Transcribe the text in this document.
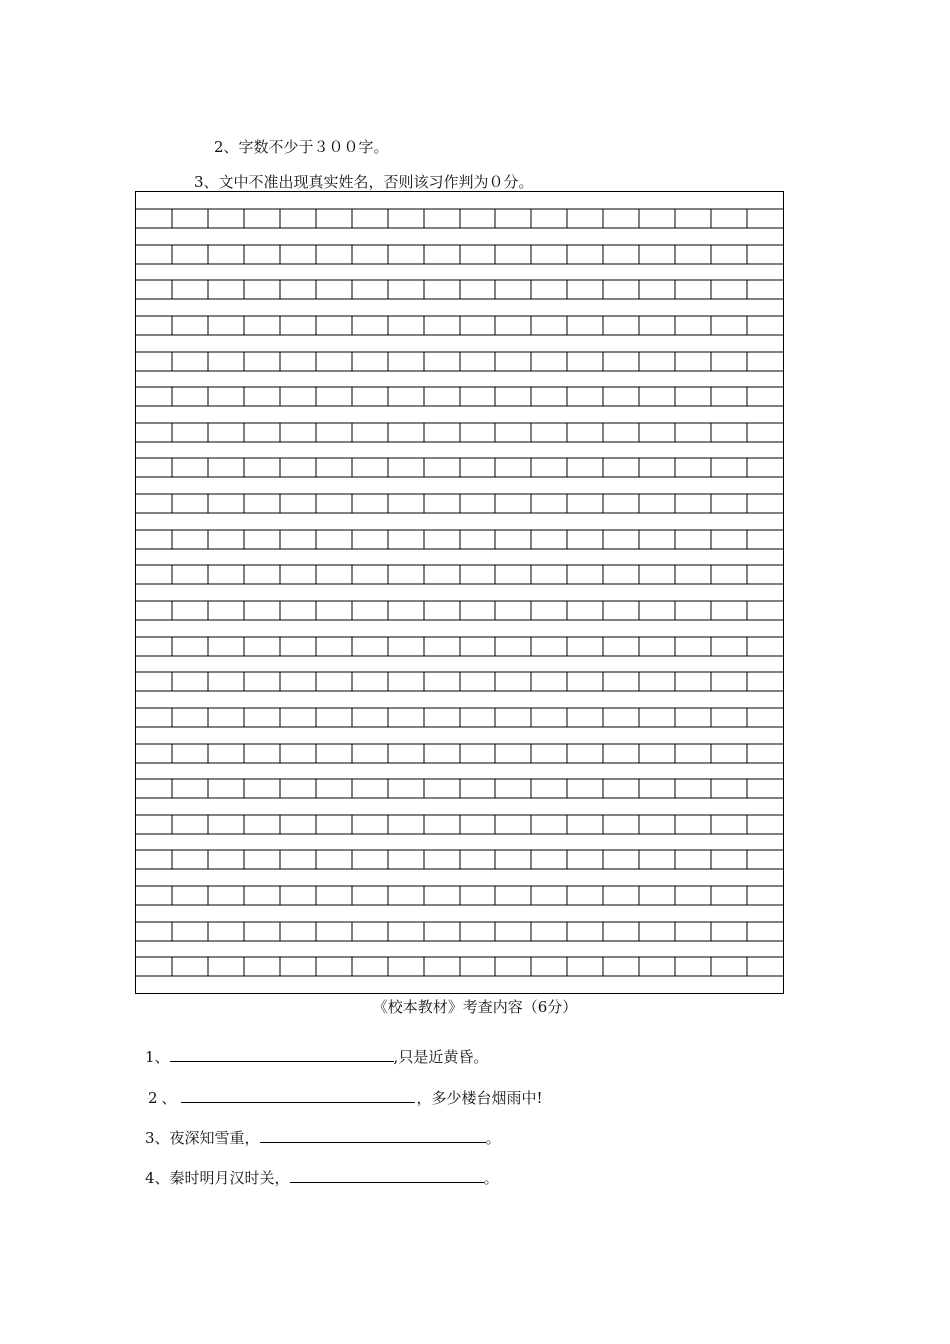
2、字数不少于３００字。
3、文中不准出现真实姓名，否则该习作判为０分。
《校本教材》考查内容（6分）
1、	,只是近黄昏。
2、	，多少楼台烟雨中!
3、夜深知雪重，	。
4、秦时明月汉时关，	。
